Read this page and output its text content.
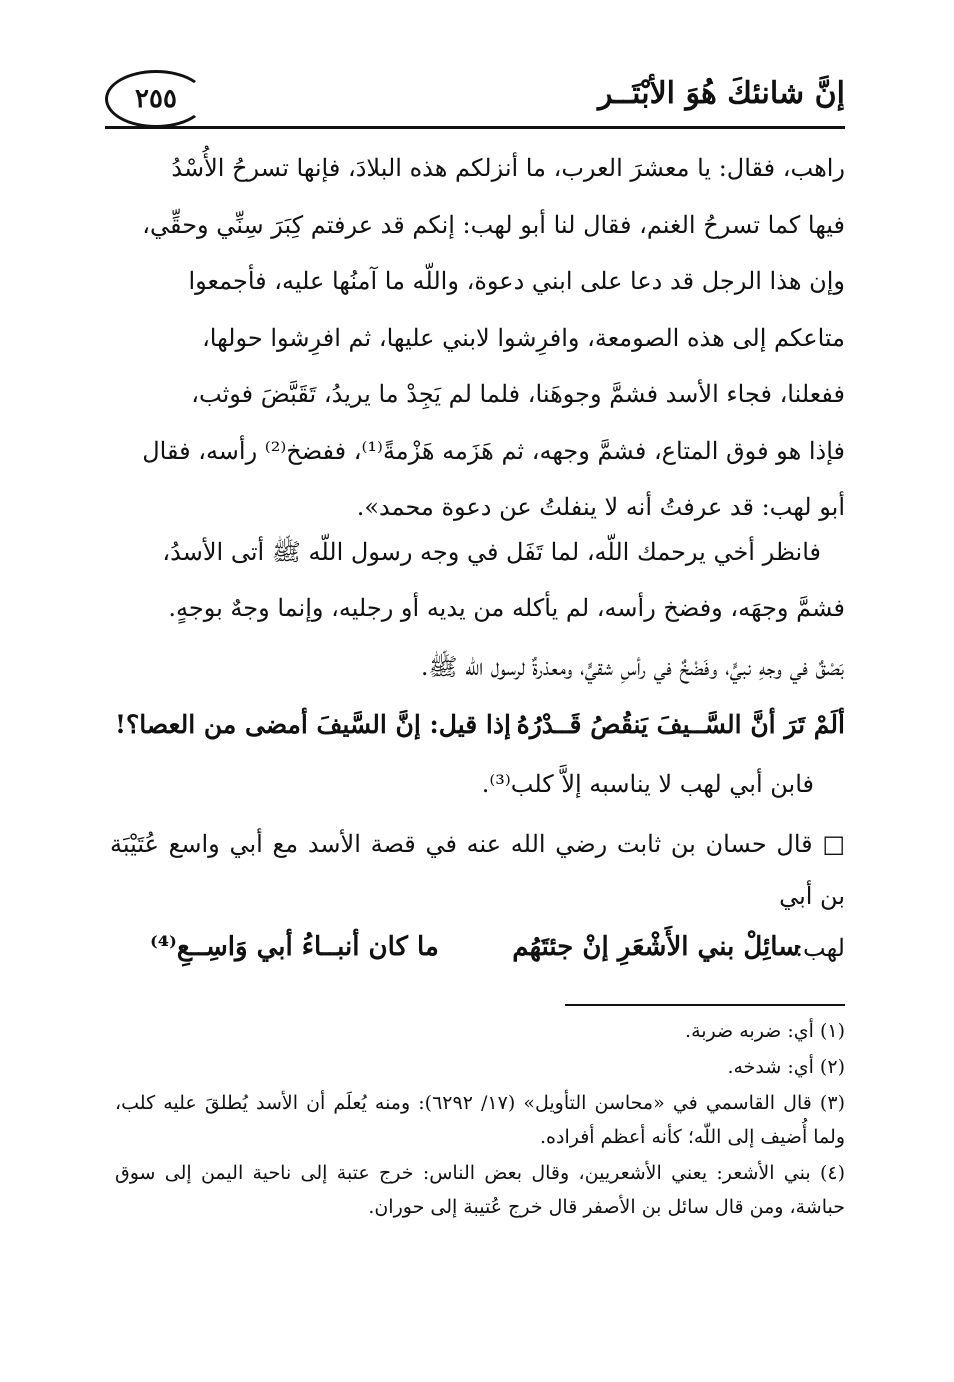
٢٥٥	إنَّ شانئكَ هُوَ الأبْتَــر

راهب، فقال: يا معشرَ العرب، ما أنزلكم هذه البلادَ، فإنها تسرحُ الأُسْدُ

فيها كما تسرحُ الغنم، فقال لنا أبو لهب: إنكم قد عرفتم كِبَرَ سِنِّي وحقِّي،

وإن هذا الرجل قد دعا على ابني دعوة، واللّه ما آمنُها عليه، فأجمعوا

متاعكم إلى هذه الصومعة، وافرِشوا لابني عليها، ثم افرِشوا حولها،

ففعلنا، فجاء الأسد فشمَّ وجوهَنا، فلما لم يَجِدْ ما يريدُ، تَقَبَّضَ فوثب،

فإذا هو فوق المتاع، فشمَّ وجهه، ثم هَزَمه هَزْمةً⁽¹⁾، ففضخ⁽²⁾ رأسه، فقال

أبو لهب: قد عرفتُ أنه لا ينفلتُ عن دعوة محمد».

فانظر أخي يرحمك اللّه، لما تَفَل في وجه رسول اللّه ﷺ أتى الأسدُ،

فشمَّ وجهَه، وفضخ رأسه، لم يأكله من يديه أو رجليه، وإنما وجهٌ بوجهٍ.

بَصْقٌ في وجهِ نبيٍّ، وفَضْخٌ في رأسِ شقيٍّ، ومعذرةٌ لرسول اللّه ﷺ.
ألَمْ تَرَ أنَّ السَّــيفَ يَنقُصُ قَــدْرُهُ
إذا قيل: إنَّ السَّيفَ أمضى من العصا؟!
فابن أبي لهب لا يناسبه إلاَّ كلب⁽³⁾.

□ قال حسان بن ثابت رضي الله عنه في قصة الأسد مع أبي واسع عُتَيْبَة بن أبي

لهب:

سائِلْ بني الأَشْعَرِ إنْ جئتَهُم
ما كان أنبــاءُ أبي وَاسِــعِ⁽⁴⁾

(١) أي: ضربه ضربة.

(٢) أي: شدخه.

(٣) قال القاسمي في «محاسن التأويل» (١٧/ ٦٢٩٢): ومنه يُعلَم أن الأسد يُطلقَ عليه كلب، ولما أُضيف إلى اللّه؛ كأنه أعظم أفراده.

(٤) بني الأشعر: يعني الأشعريين، وقال بعض الناس: خرج عتبة إلى ناحية اليمن إلى سوق حباشة، ومن قال سائل بن الأصفر قال خرج عُتيبة إلى حوران.
